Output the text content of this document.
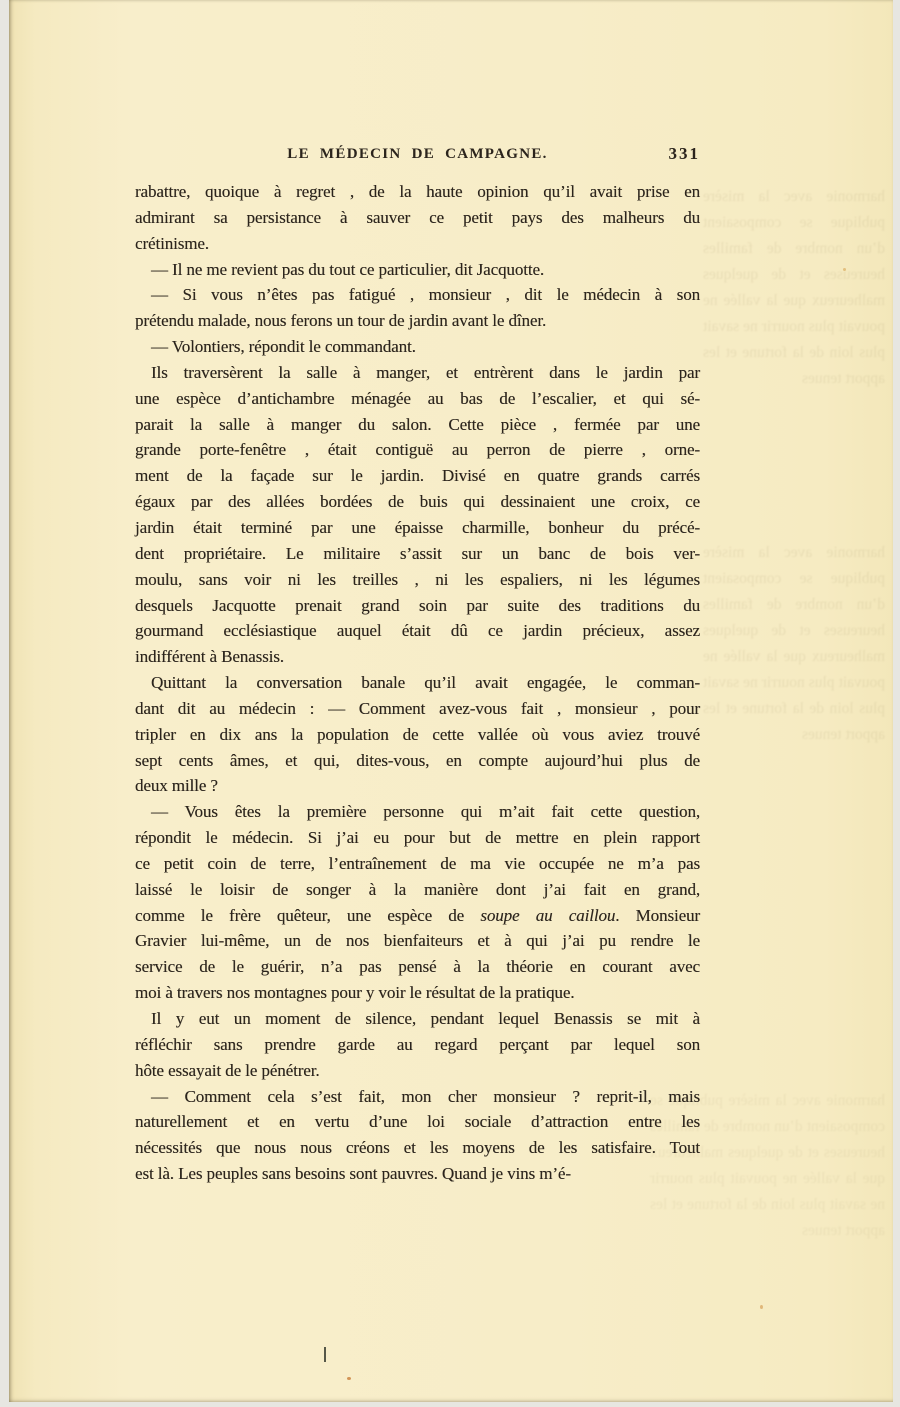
LE MÉDECIN DE CAMPAGNE.	331
rabattre, quoique à regret , de la haute opinion qu’il avait prise en
admirant sa persistance à sauver ce petit pays des malheurs du
crétinisme.
— Il ne me revient pas du tout ce particulier, dit Jacquotte.
— Si vous n’êtes pas fatigué , monsieur , dit le médecin à son
prétendu malade, nous ferons un tour de jardin avant le dîner.
— Volontiers, répondit le commandant.
Ils traversèrent la salle à manger, et entrèrent dans le jardin par
une espèce d’antichambre ménagée au bas de l’escalier, et qui sé-
parait la salle à manger du salon. Cette pièce , fermée par une
grande porte-fenêtre , était contiguë au perron de pierre , orne-
ment de la façade sur le jardin. Divisé en quatre grands carrés
égaux par des allées bordées de buis qui dessinaient une croix, ce
jardin était terminé par une épaisse charmille, bonheur du précé-
dent propriétaire. Le militaire s’assit sur un banc de bois ver-
moulu, sans voir ni les treilles , ni les espaliers, ni les légumes
desquels Jacquotte prenait grand soin par suite des traditions du
gourmand ecclésiastique auquel était dû ce jardin précieux, assez
indifférent à Benassis.
Quittant la conversation banale qu’il avait engagée, le comman-
dant dit au médecin : — Comment avez-vous fait , monsieur , pour
tripler en dix ans la population de cette vallée où vous aviez trouvé
sept cents âmes, et qui, dites-vous, en compte aujourd’hui plus de
deux mille ?
— Vous êtes la première personne qui m’ait fait cette question,
répondit le médecin. Si j’ai eu pour but de mettre en plein rapport
ce petit coin de terre, l’entraînement de ma vie occupée ne m’a pas
laissé le loisir de songer à la manière dont j’ai fait en grand,
comme le frère quêteur, une espèce de soupe au caillou. Monsieur
Gravier lui-même, un de nos bienfaiteurs et à qui j’ai pu rendre le
service de le guérir, n’a pas pensé à la théorie en courant avec
moi à travers nos montagnes pour y voir le résultat de la pratique.
Il y eut un moment de silence, pendant lequel Benassis se mit à
réfléchir sans prendre garde au regard perçant par lequel son
hôte essayait de le pénétrer.
— Comment cela s’est fait, mon cher monsieur ? reprit-il, mais
naturellement et en vertu d’une loi sociale d’attraction entre les
nécessités que nous nous créons et les moyens de les satisfaire. Tout
est là. Les peuples sans besoins sont pauvres. Quand je vins m’é-
